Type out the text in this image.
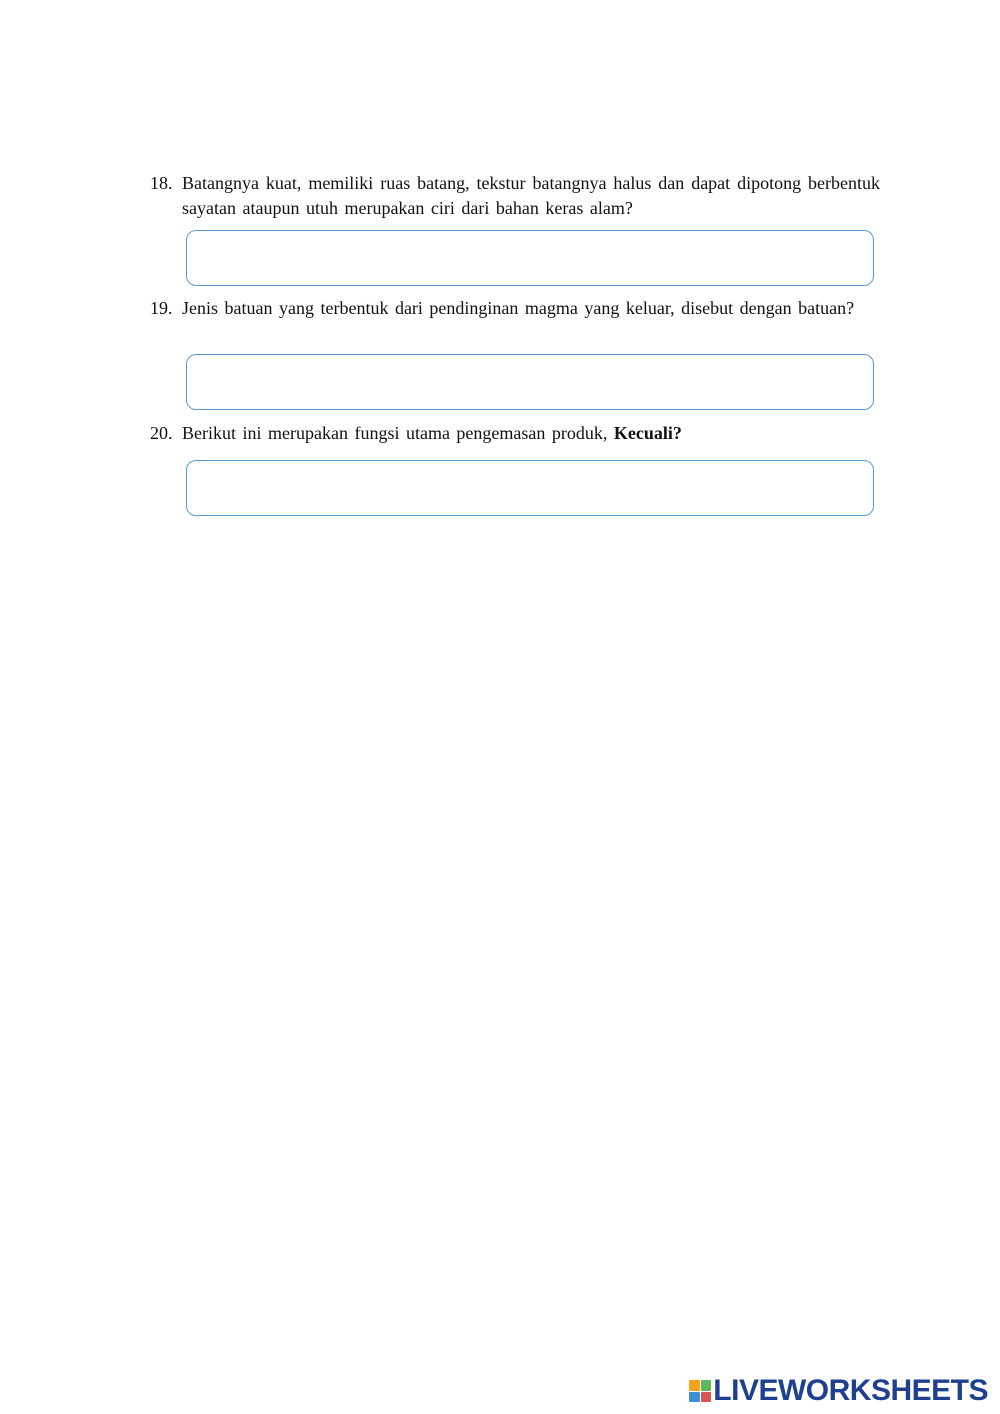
18. Batangnya kuat, memiliki ruas batang, tekstur batangnya halus dan dapat dipotong berbentuk sayatan ataupun utuh merupakan ciri dari bahan keras alam?
19. Jenis batuan yang terbentuk dari pendinginan magma yang keluar, disebut dengan batuan?
20. Berikut ini merupakan fungsi utama pengemasan produk, Kecuali?
LIVEWORKSHEETS
